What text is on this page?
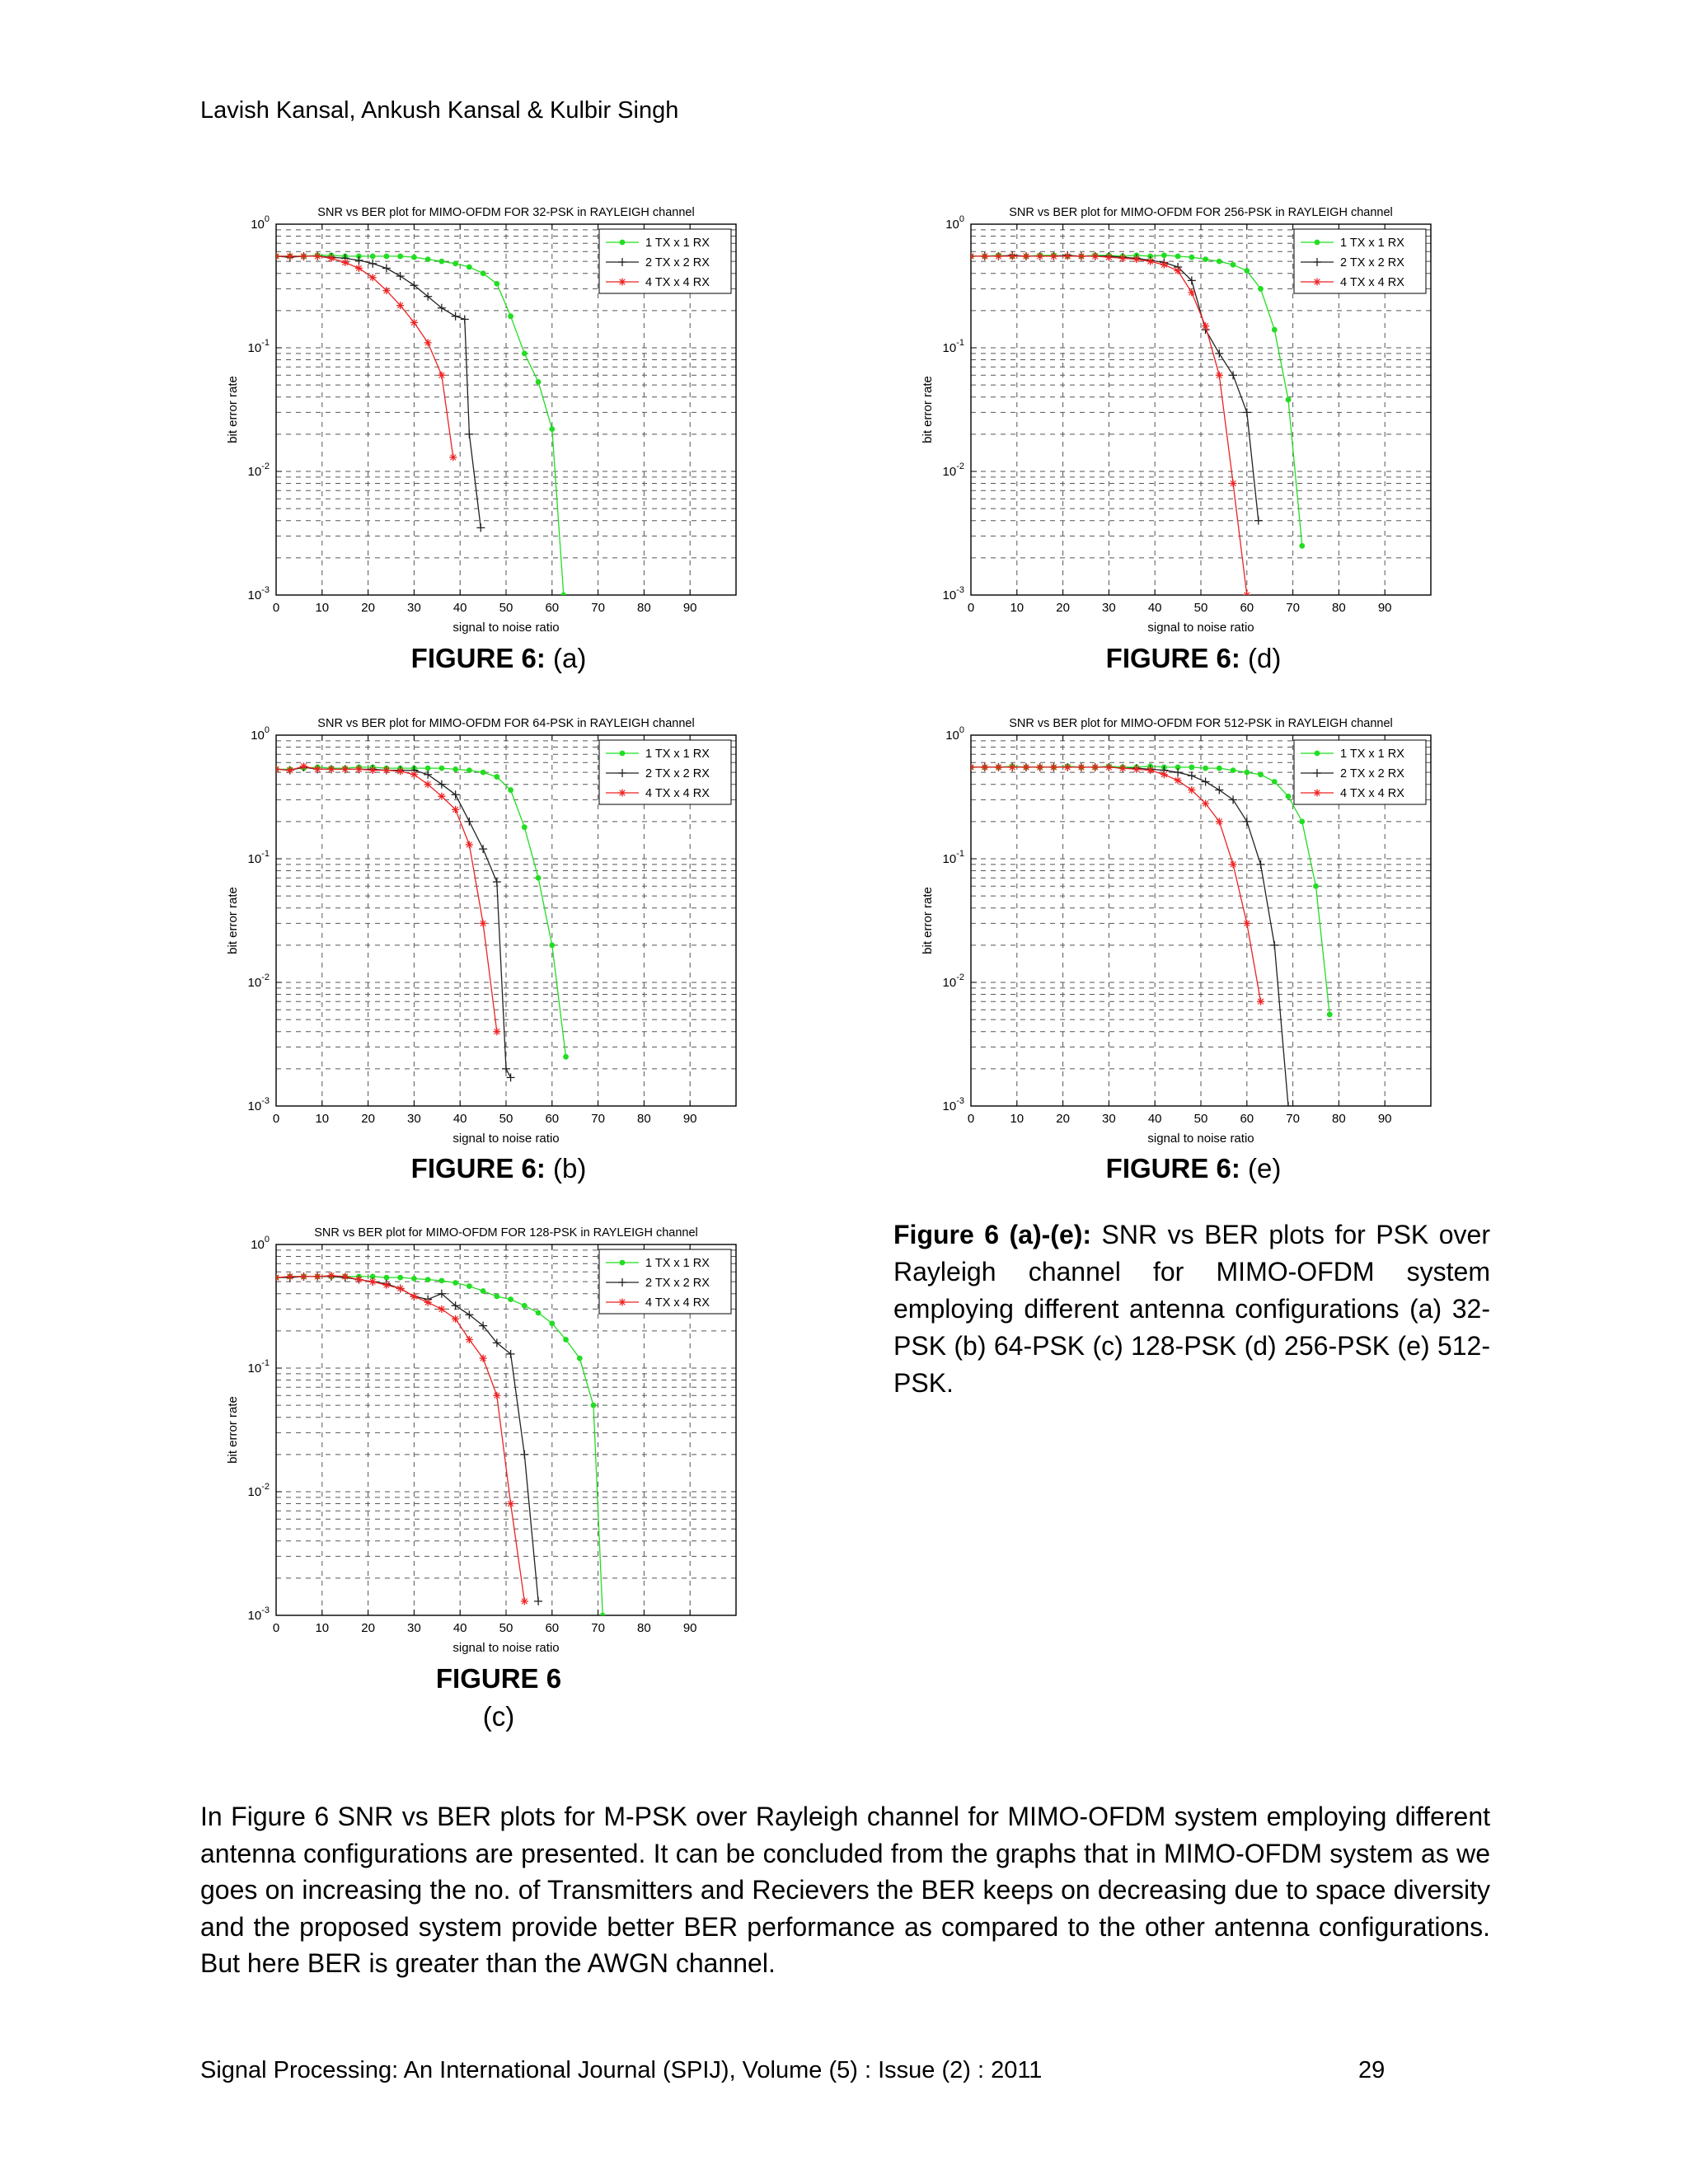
Lavish Kansal, Ankush Kansal & Kulbir Singh
0	10	20	30	40	50	60	70	80	90
$10^{-3}$
$10^{-2}$
$10^{-1}$
$10^0$	SNR vs BER plot for MIMO-OFDM FOR 32-PSK in RAYLEIGH channel
signal to noise ratio
bit error rate
1 TX x 1 RX
2 TX x 2 RX
4 TX x 4 RX
0	10	20	30	40	50	60	70	80	90
$10^{-3}$
$10^{-2}$
$10^{-1}$
$10^0$	SNR vs BER plot for MIMO-OFDM FOR 256-PSK in RAYLEIGH channel
signal to noise ratio
bit error rate
1 TX x 1 RX
2 TX x 2 RX
4 TX x 4 RX
0	10	20	30	40	50	60	70	80	90
$10^{-3}$
$10^{-2}$
$10^{-1}$
$10^0$	SNR vs BER plot for MIMO-OFDM FOR 64-PSK in RAYLEIGH channel
signal to noise ratio
bit error rate
1 TX x 1 RX
2 TX x 2 RX
4 TX x 4 RX
0	10	20	30	40	50	60	70	80	90
$10^{-3}$
$10^{-2}$
$10^{-1}$
$10^0$	SNR vs BER plot for MIMO-OFDM FOR 512-PSK in RAYLEIGH channel
signal to noise ratio
bit error rate
1 TX x 1 RX
2 TX x 2 RX
4 TX x 4 RX
0	10	20	30	40	50	60	70	80	90
$10^{-3}$
$10^{-2}$
$10^{-1}$
$10^0$	SNR vs BER plot for MIMO-OFDM FOR 128-PSK in RAYLEIGH channel
signal to noise ratio
bit error rate
1 TX x 1 RX
2 TX x 2 RX
4 TX x 4 RX
FIGURE 6: (a)	FIGURE 6: (d)
FIGURE 6: (b)	FIGURE 6: (e)
FIGURE 6
(c)
Figure 6 (a)-(e): SNR vs BER plots for PSK over Rayleigh channel for MIMO-OFDM system employing different antenna configurations (a) 32-PSK (b) 64-PSK (c) 128-PSK (d) 256-PSK (e) 512-PSK.
In Figure 6 SNR vs BER plots for M-PSK over Rayleigh channel for MIMO-OFDM system employing different antenna configurations are presented. It can be concluded from the graphs that in MIMO-OFDM system as we goes on increasing the no. of Transmitters and Recievers the BER keeps on decreasing due to space diversity and the proposed system provide better BER performance as compared to the other antenna configurations. But here BER is greater than the AWGN channel.
Signal Processing: An International Journal (SPIJ), Volume (5) : Issue (2) : 2011	29
